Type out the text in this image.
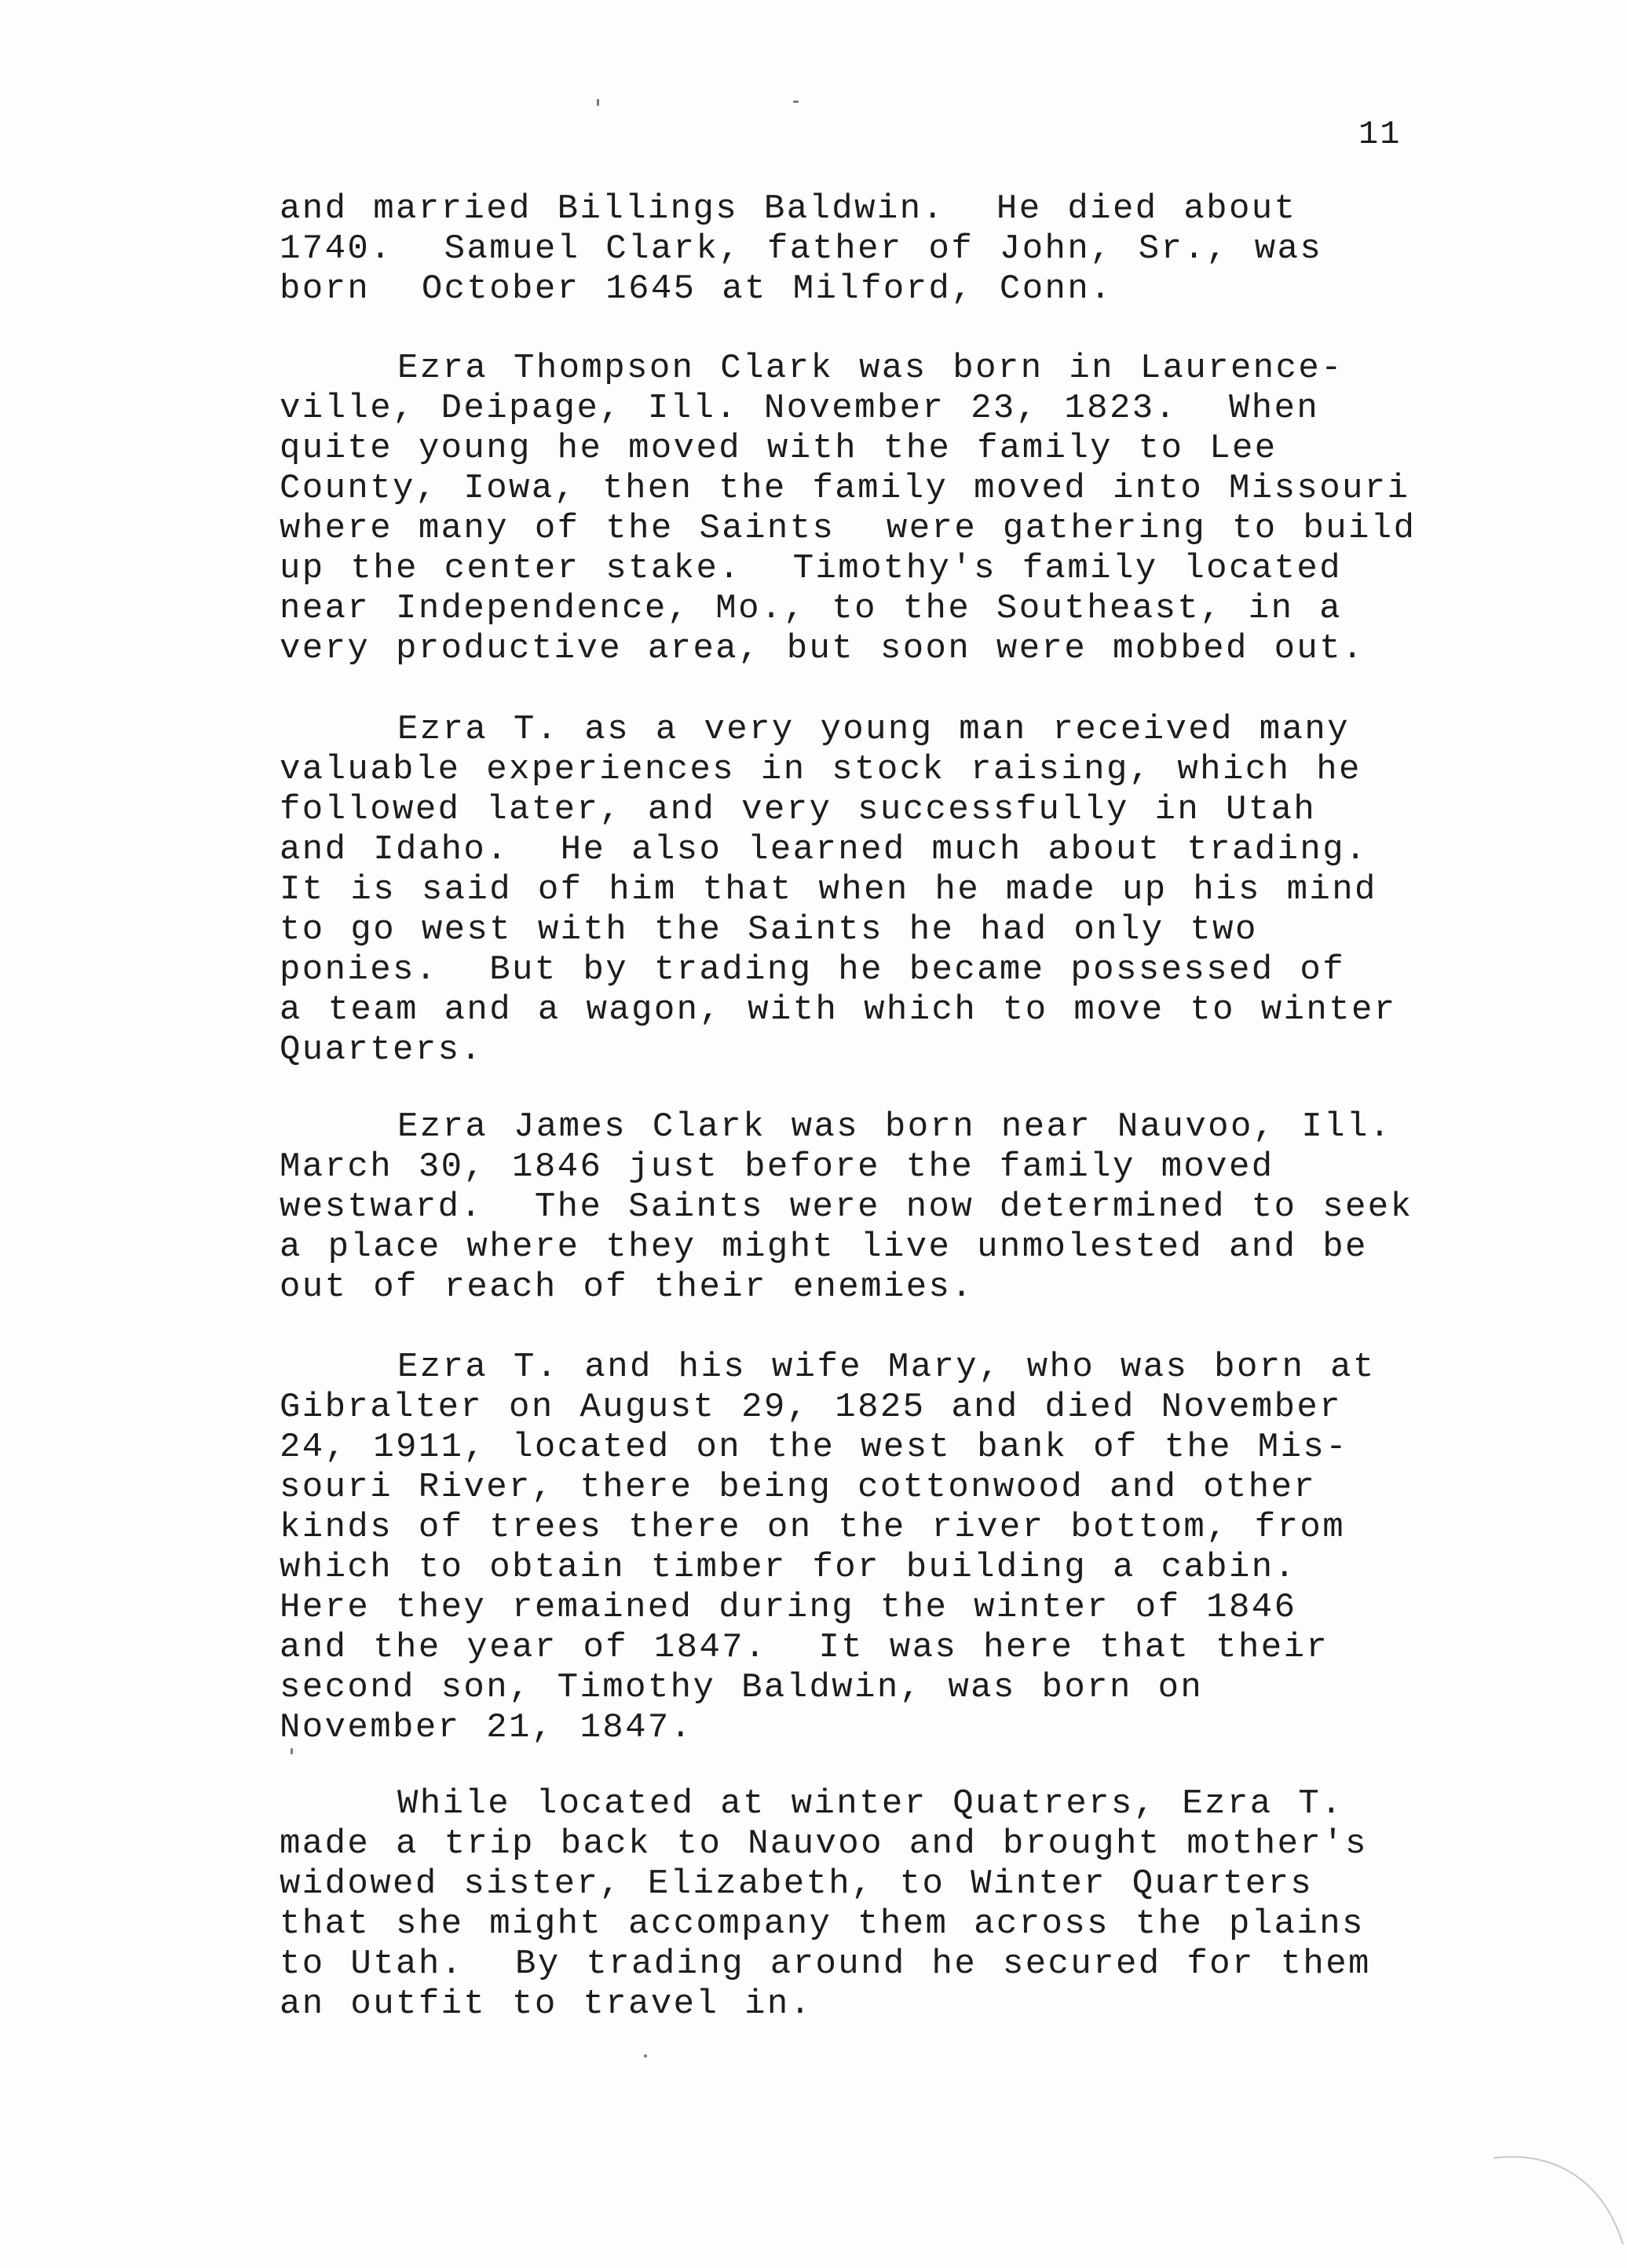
11
and married Billings Baldwin.  He died about
1740.  Samuel Clark, father of John, Sr., was
born  October 1645 at Milford, Conn.
Ezra Thompson Clark was born in Laurence-
ville, Deipage, Ill. November 23, 1823.  When
quite young he moved with the family to Lee
County, Iowa, then the family moved into Missouri
where many of the Saints  were gathering to build
up the center stake.  Timothy's family located
near Independence, Mo., to the Southeast, in a
very productive area, but soon were mobbed out.
Ezra T. as a very young man received many
valuable experiences in stock raising, which he
followed later, and very successfully in Utah
and Idaho.  He also learned much about trading.
It is said of him that when he made up his mind
to go west with the Saints he had only two
ponies.  But by trading he became possessed of
a team and a wagon, with which to move to winter
Quarters.
Ezra James Clark was born near Nauvoo, Ill.
March 30, 1846 just before the family moved
westward.  The Saints were now determined to seek
a place where they might live unmolested and be
out of reach of their enemies.
Ezra T. and his wife Mary, who was born at
Gibralter on August 29, 1825 and died November
24, 1911, located on the west bank of the Mis-
souri River, there being cottonwood and other
kinds of trees there on the river bottom, from
which to obtain timber for building a cabin.
Here they remained during the winter of 1846
and the year of 1847.  It was here that their
second son, Timothy Baldwin, was born on
November 21, 1847.
While located at winter Quatrers, Ezra T.
made a trip back to Nauvoo and brought mother's
widowed sister, Elizabeth, to Winter Quarters
that she might accompany them across the plains
to Utah.  By trading around he secured for them
an outfit to travel in.
